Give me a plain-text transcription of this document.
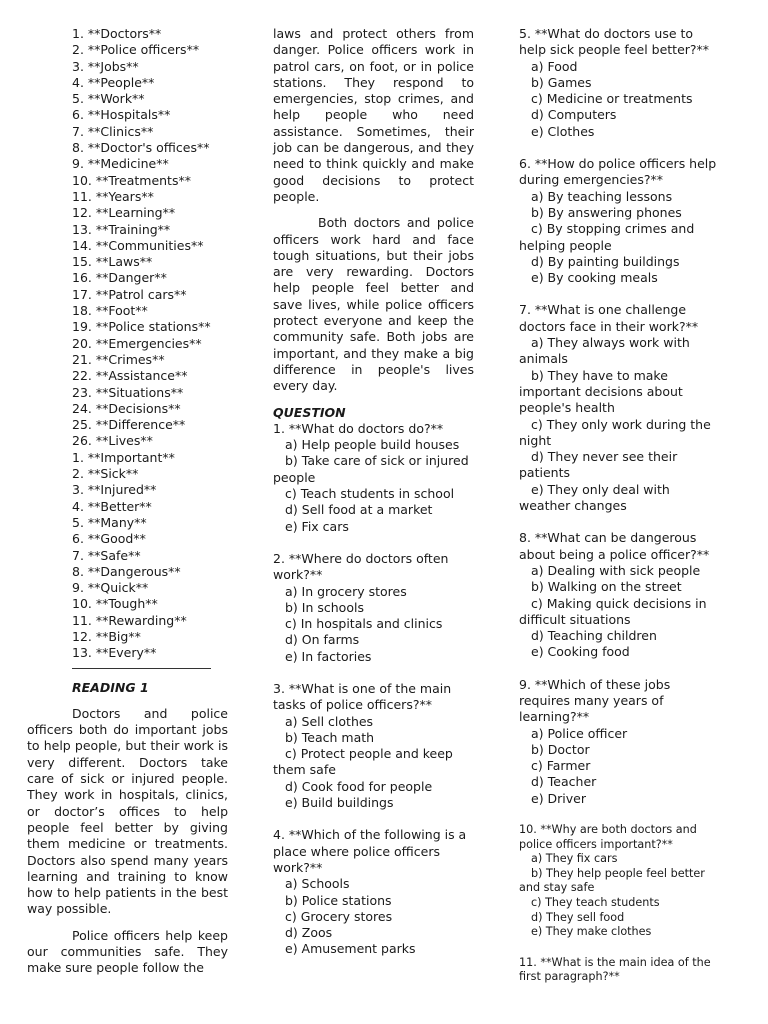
1. **Doctors**
2. **Police officers**
3. **Jobs**
4. **People**
5. **Work**
6. **Hospitals**
7. **Clinics**
8. **Doctor's offices**
9. **Medicine**
10. **Treatments**
11. **Years**
12. **Learning**
13. **Training**
14. **Communities**
15. **Laws**
16. **Danger**
17. **Patrol cars**
18. **Foot**
19. **Police stations**
20. **Emergencies**
21. **Crimes**
22. **Assistance**
23. **Situations**
24. **Decisions**
25. **Difference**
26. **Lives**
1. **Important**
2. **Sick**
3. **Injured**
4. **Better**
5. **Many**
6. **Good**
7. **Safe**
8. **Dangerous**
9. **Quick**
10. **Tough**
11. **Rewarding**
12. **Big**
13. **Every**
READING 1
Doctors and police officers both do important jobs to help people, but their work is very different. Doctors take care of sick or injured people. They work in hospitals, clinics, or doctor’s offices to help people feel better by giving them medicine or treatments. Doctors also spend many years learning and training to know how to help patients in the best way possible.
Police officers help keep our communities safe. They make sure people follow the
laws and protect others from danger. Police officers work in patrol cars, on foot, or in police stations. They respond to emergencies, stop crimes, and help people who need assistance. Sometimes, their job can be dangerous, and they need to think quickly and make good decisions to protect people.
Both doctors and police officers work hard and face tough situations, but their jobs are very rewarding. Doctors help people feel better and save lives, while police officers protect everyone and keep the community safe. Both jobs are important, and they make a big difference in people's lives every day.
QUESTION
1. **What do doctors do?**
a) Help people build houses
b) Take care of sick or injured people
c) Teach students in school
d) Sell food at a market
e) Fix cars
2. **Where do doctors often work?**
a) In grocery stores
b) In schools
c) In hospitals and clinics
d) On farms
e) In factories
3. **What is one of the main tasks of police officers?**
a) Sell clothes
b) Teach math
c) Protect people and keep them safe
d) Cook food for people
e) Build buildings
4. **Which of the following is a place where police officers work?**
a) Schools
b) Police stations
c) Grocery stores
d) Zoos
e) Amusement parks
5. **What do doctors use to help sick people feel better?**
a) Food
b) Games
c) Medicine or treatments
d) Computers
e) Clothes
6. **How do police officers help during emergencies?**
a) By teaching lessons
b) By answering phones
c) By stopping crimes and helping people
d) By painting buildings
e) By cooking meals
7. **What is one challenge doctors face in their work?**
a) They always work with animals
b) They have to make important decisions about people's health
c) They only work during the night
d) They never see their patients
e) They only deal with weather changes
8. **What can be dangerous about being a police officer?**
a) Dealing with sick people
b) Walking on the street
c) Making quick decisions in difficult situations
d) Teaching children
e) Cooking food
9. **Which of these jobs requires many years of learning?**
a) Police officer
b) Doctor
c) Farmer
d) Teacher
e) Driver
10. **Why are both doctors and police officers important?**
a) They fix cars
b) They help people feel better and stay safe
c) They teach students
d) They sell food
e) They make clothes
11. **What is the main idea of the first paragraph?**
